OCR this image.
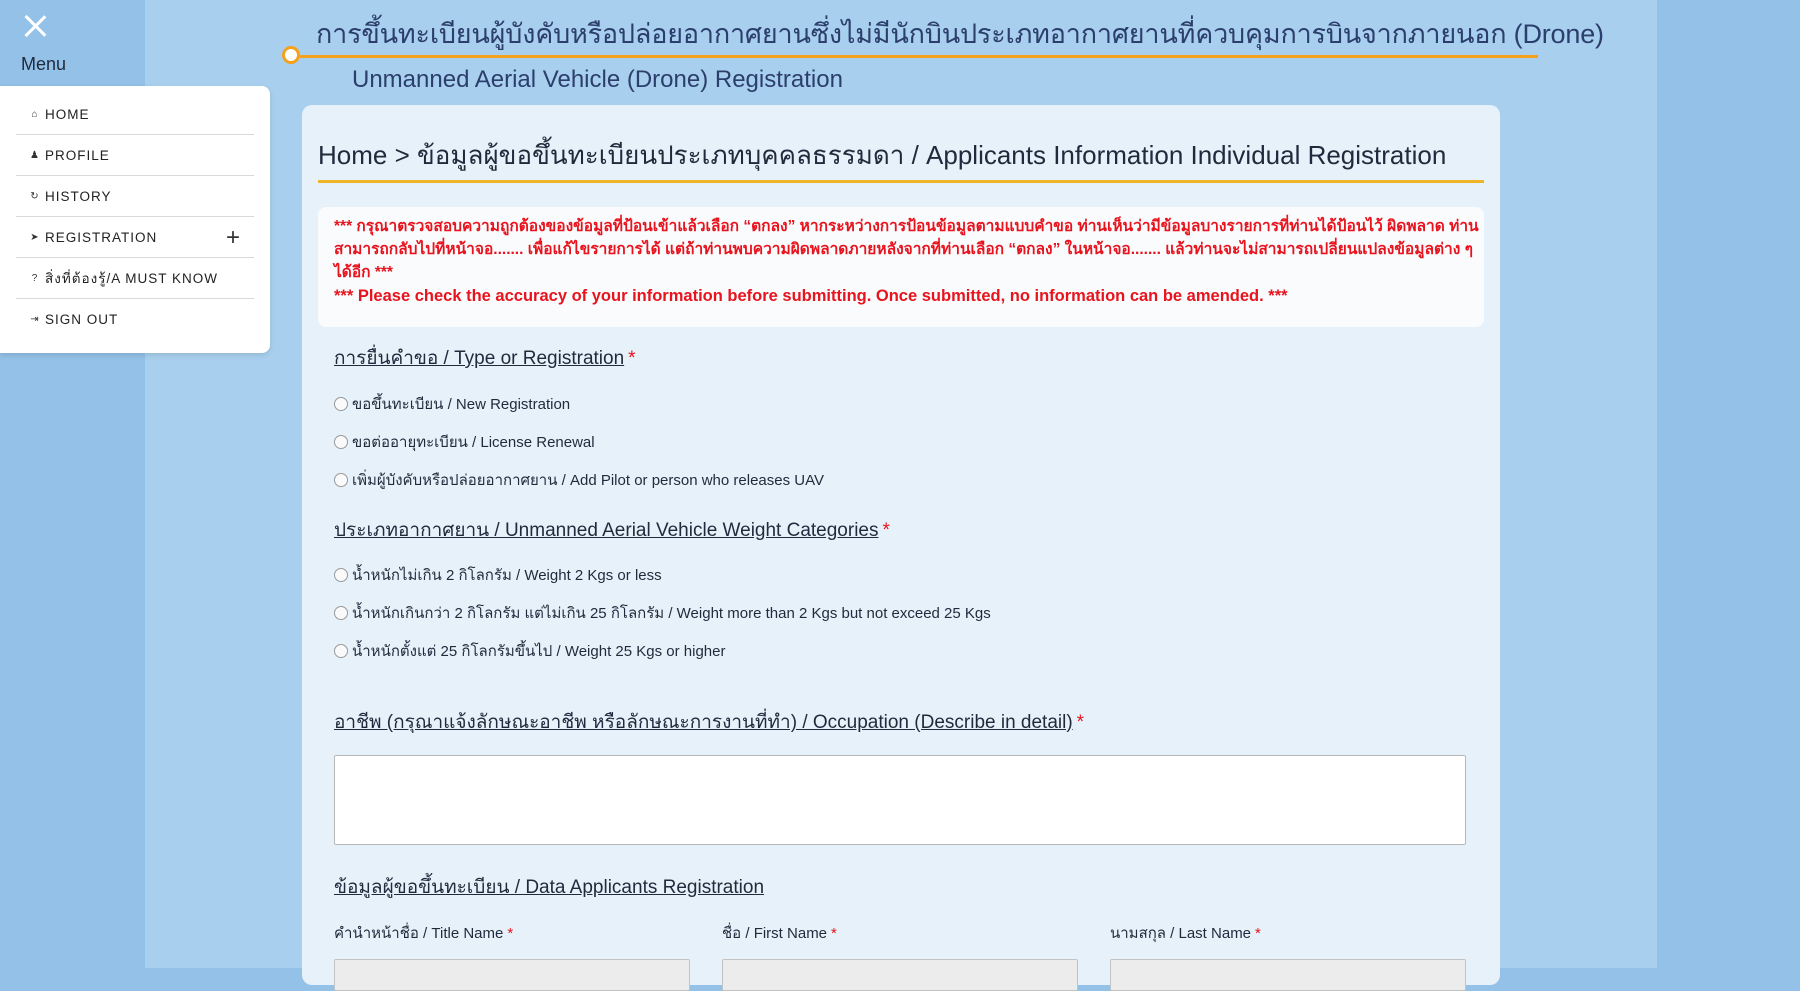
การขึ้นทะเบียนผู้บังคับหรือปล่อยอากาศยานซึ่งไม่มีนักบินประเภทอากาศยานที่ควบคุมการบินจากภายนอก (Drone)
Unmanned Aerial Vehicle (Drone) Registration
Menu
⌂ HOME
♟ PROFILE
↻ HISTORY
➤ REGISTRATION	+
? สิ่งที่ต้องรู้/A MUST KNOW
⇥ SIGN OUT
Home > ข้อมูลผู้ขอขึ้นทะเบียนประเภทบุคคลธรรมดา / Applicants Information Individual Registration
*** กรุณาตรวจสอบความถูกต้องของข้อมูลที่ป้อนเข้าแล้วเลือก “ตกลง” หากระหว่างการป้อนข้อมูลตามแบบคำขอ ท่านเห็นว่ามีข้อมูลบางรายการที่ท่านได้ป้อนไว้ ผิดพลาด ท่านสามารถกลับไปที่หน้าจอ....... เพื่อแก้ไขรายการได้ แต่ถ้าท่านพบความผิดพลาดภายหลังจากที่ท่านเลือก “ตกลง” ในหน้าจอ....... แล้วท่านจะไม่สามารถเปลี่ยนแปลงข้อมูลต่าง ๆ ได้อีก ***
*** Please check the accuracy of your information before submitting. Once submitted, no information can be amended. ***
การยื่นคำขอ / Type or Registration *
ขอขึ้นทะเบียน / New Registration
ขอต่ออายุทะเบียน / License Renewal
เพิ่มผู้บังคับหรือปล่อยอากาศยาน / Add Pilot or person who releases UAV
ประเภทอากาศยาน / Unmanned Aerial Vehicle Weight Categories *
น้ำหนักไม่เกิน 2 กิโลกรัม / Weight 2 Kgs or less
น้ำหนักเกินกว่า 2 กิโลกรัม แต่ไม่เกิน 25 กิโลกรัม / Weight more than 2 Kgs but not exceed 25 Kgs
น้ำหนักตั้งแต่ 25 กิโลกรัมขึ้นไป / Weight 25 Kgs or higher
อาชีพ (กรุณาแจ้งลักษณะอาชีพ หรือลักษณะการงานที่ทำ) / Occupation (Describe in detail) *
ข้อมูลผู้ขอขึ้นทะเบียน / Data Applicants Registration
คำนำหน้าชื่อ / Title Name *	ชื่อ / First Name *	นามสกุล / Last Name *
